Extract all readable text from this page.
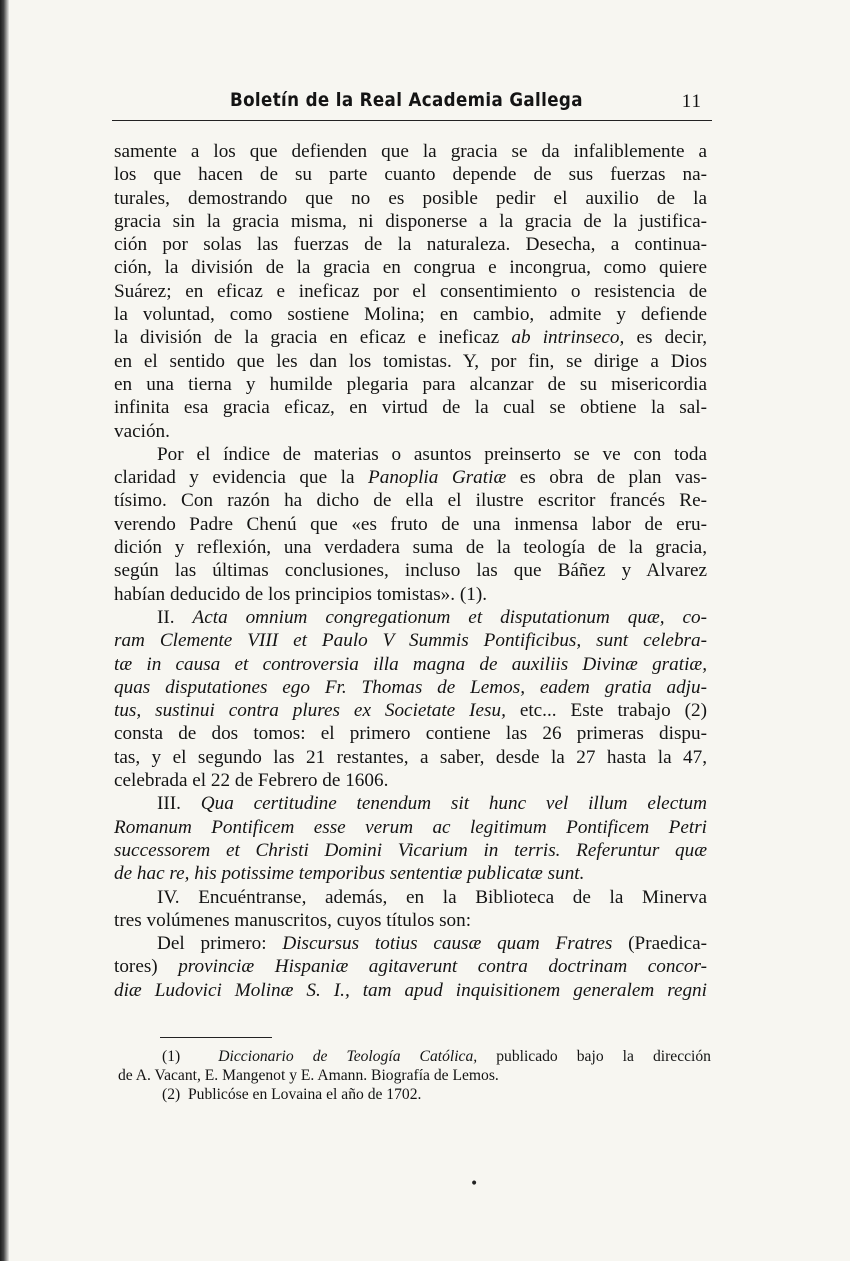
Boletín de la Real Academia Gallega	11

samente a los que defienden que la gracia se da infaliblemente a

los que hacen de su parte cuanto depende de sus fuerzas na-

turales, demostrando que no es posible pedir el auxilio de la

gracia sin la gracia misma, ni disponerse a la gracia de la justifica-

ción por solas las fuerzas de la naturaleza. Desecha, a continua-

ción, la división de la gracia en congrua e incongrua, como quiere

Suárez; en eficaz e ineficaz por el consentimiento o resistencia de

la voluntad, como sostiene Molina; en cambio, admite y defiende

la división de la gracia en eficaz e ineficaz ab intrinseco, es decir,

en el sentido que les dan los tomistas. Y, por fin, se dirige a Dios

en una tierna y humilde plegaria para alcanzar de su misericordia

infinita esa gracia eficaz, en virtud de la cual se obtiene la sal-

vación.

Por el índice de materias o asuntos preinserto se ve con toda

claridad y evidencia que la Panoplia Gratiæ es obra de plan vas-

tísimo. Con razón ha dicho de ella el ilustre escritor francés Re-

verendo Padre Chenú que «es fruto de una inmensa labor de eru-

dición y reflexión, una verdadera suma de la teología de la gracia,

según las últimas conclusiones, incluso las que Báñez y Alvarez

habían deducido de los principios tomistas». (1).

II. Acta omnium congregationum et disputationum quæ, co-

ram Clemente VIII et Paulo V Summis Pontificibus, sunt celebra-

tæ in causa et controversia illa magna de auxiliis Divinæ gratiæ,

quas disputationes ego Fr. Thomas de Lemos, eadem gratia adju-

tus, sustinui contra plures ex Societate Iesu, etc... Este trabajo (2)

consta de dos tomos: el primero contiene las 26 primeras dispu-

tas, y el segundo las 21 restantes, a saber, desde la 27 hasta la 47,

celebrada el 22 de Febrero de 1606.

III. Qua certitudine tenendum sit hunc vel illum electum

Romanum Pontificem esse verum ac legitimum Pontificem Petri

successorem et Christi Domini Vicarium in terris. Referuntur quæ

de hac re, his potissime temporibus sententiæ publicatæ sunt.

IV. Encuéntranse, además, en la Biblioteca de la Minerva

tres volúmenes manuscritos, cuyos títulos son:

Del primero: Discursus totius causæ quam Fratres (Praedica-

tores) provinciæ Hispaniæ agitaverunt contra doctrinam concor-

diæ Ludovici Molinæ S. I., tam apud inquisitionem generalem regni

(1) Diccionario de Teología Católica, publicado bajo la dirección

de A. Vacant, E. Mangenot y E. Amann. Biografía de Lemos.

(2) Publicóse en Lovaina el año de 1702.

•
